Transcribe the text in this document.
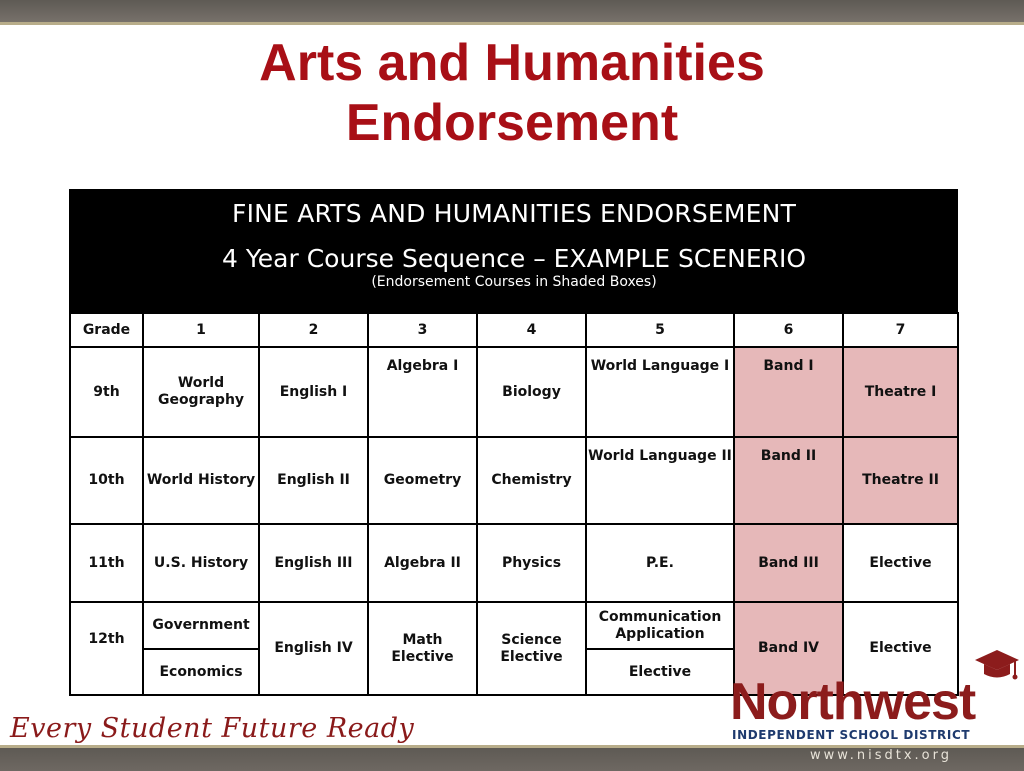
Arts and Humanities
Endorsement
FINE ARTS AND HUMANITIES ENDORSEMENT							
4 Year Course Sequence – EXAMPLE SCENERIO							
(Endorsement Courses in Shaded Boxes)							
Grade	1	2	3	4	5	6	7
9th	World Geography	English I	Algebra I	Biology	World Language I	Band I	Theatre I
10th	World History	English II	Geometry	Chemistry	World Language II	Band II	Theatre II
11th	U.S. History	English III	Algebra II	Physics	P.E.	Band III	Elective
12th	Government	English IV	Math Elective	Science Elective	Communication Application	Band IV	Elective
	Economics				Elective		
Every Student Future Ready
www.nisdtx.org
Northwest
INDEPENDENT SCHOOL DISTRICT
